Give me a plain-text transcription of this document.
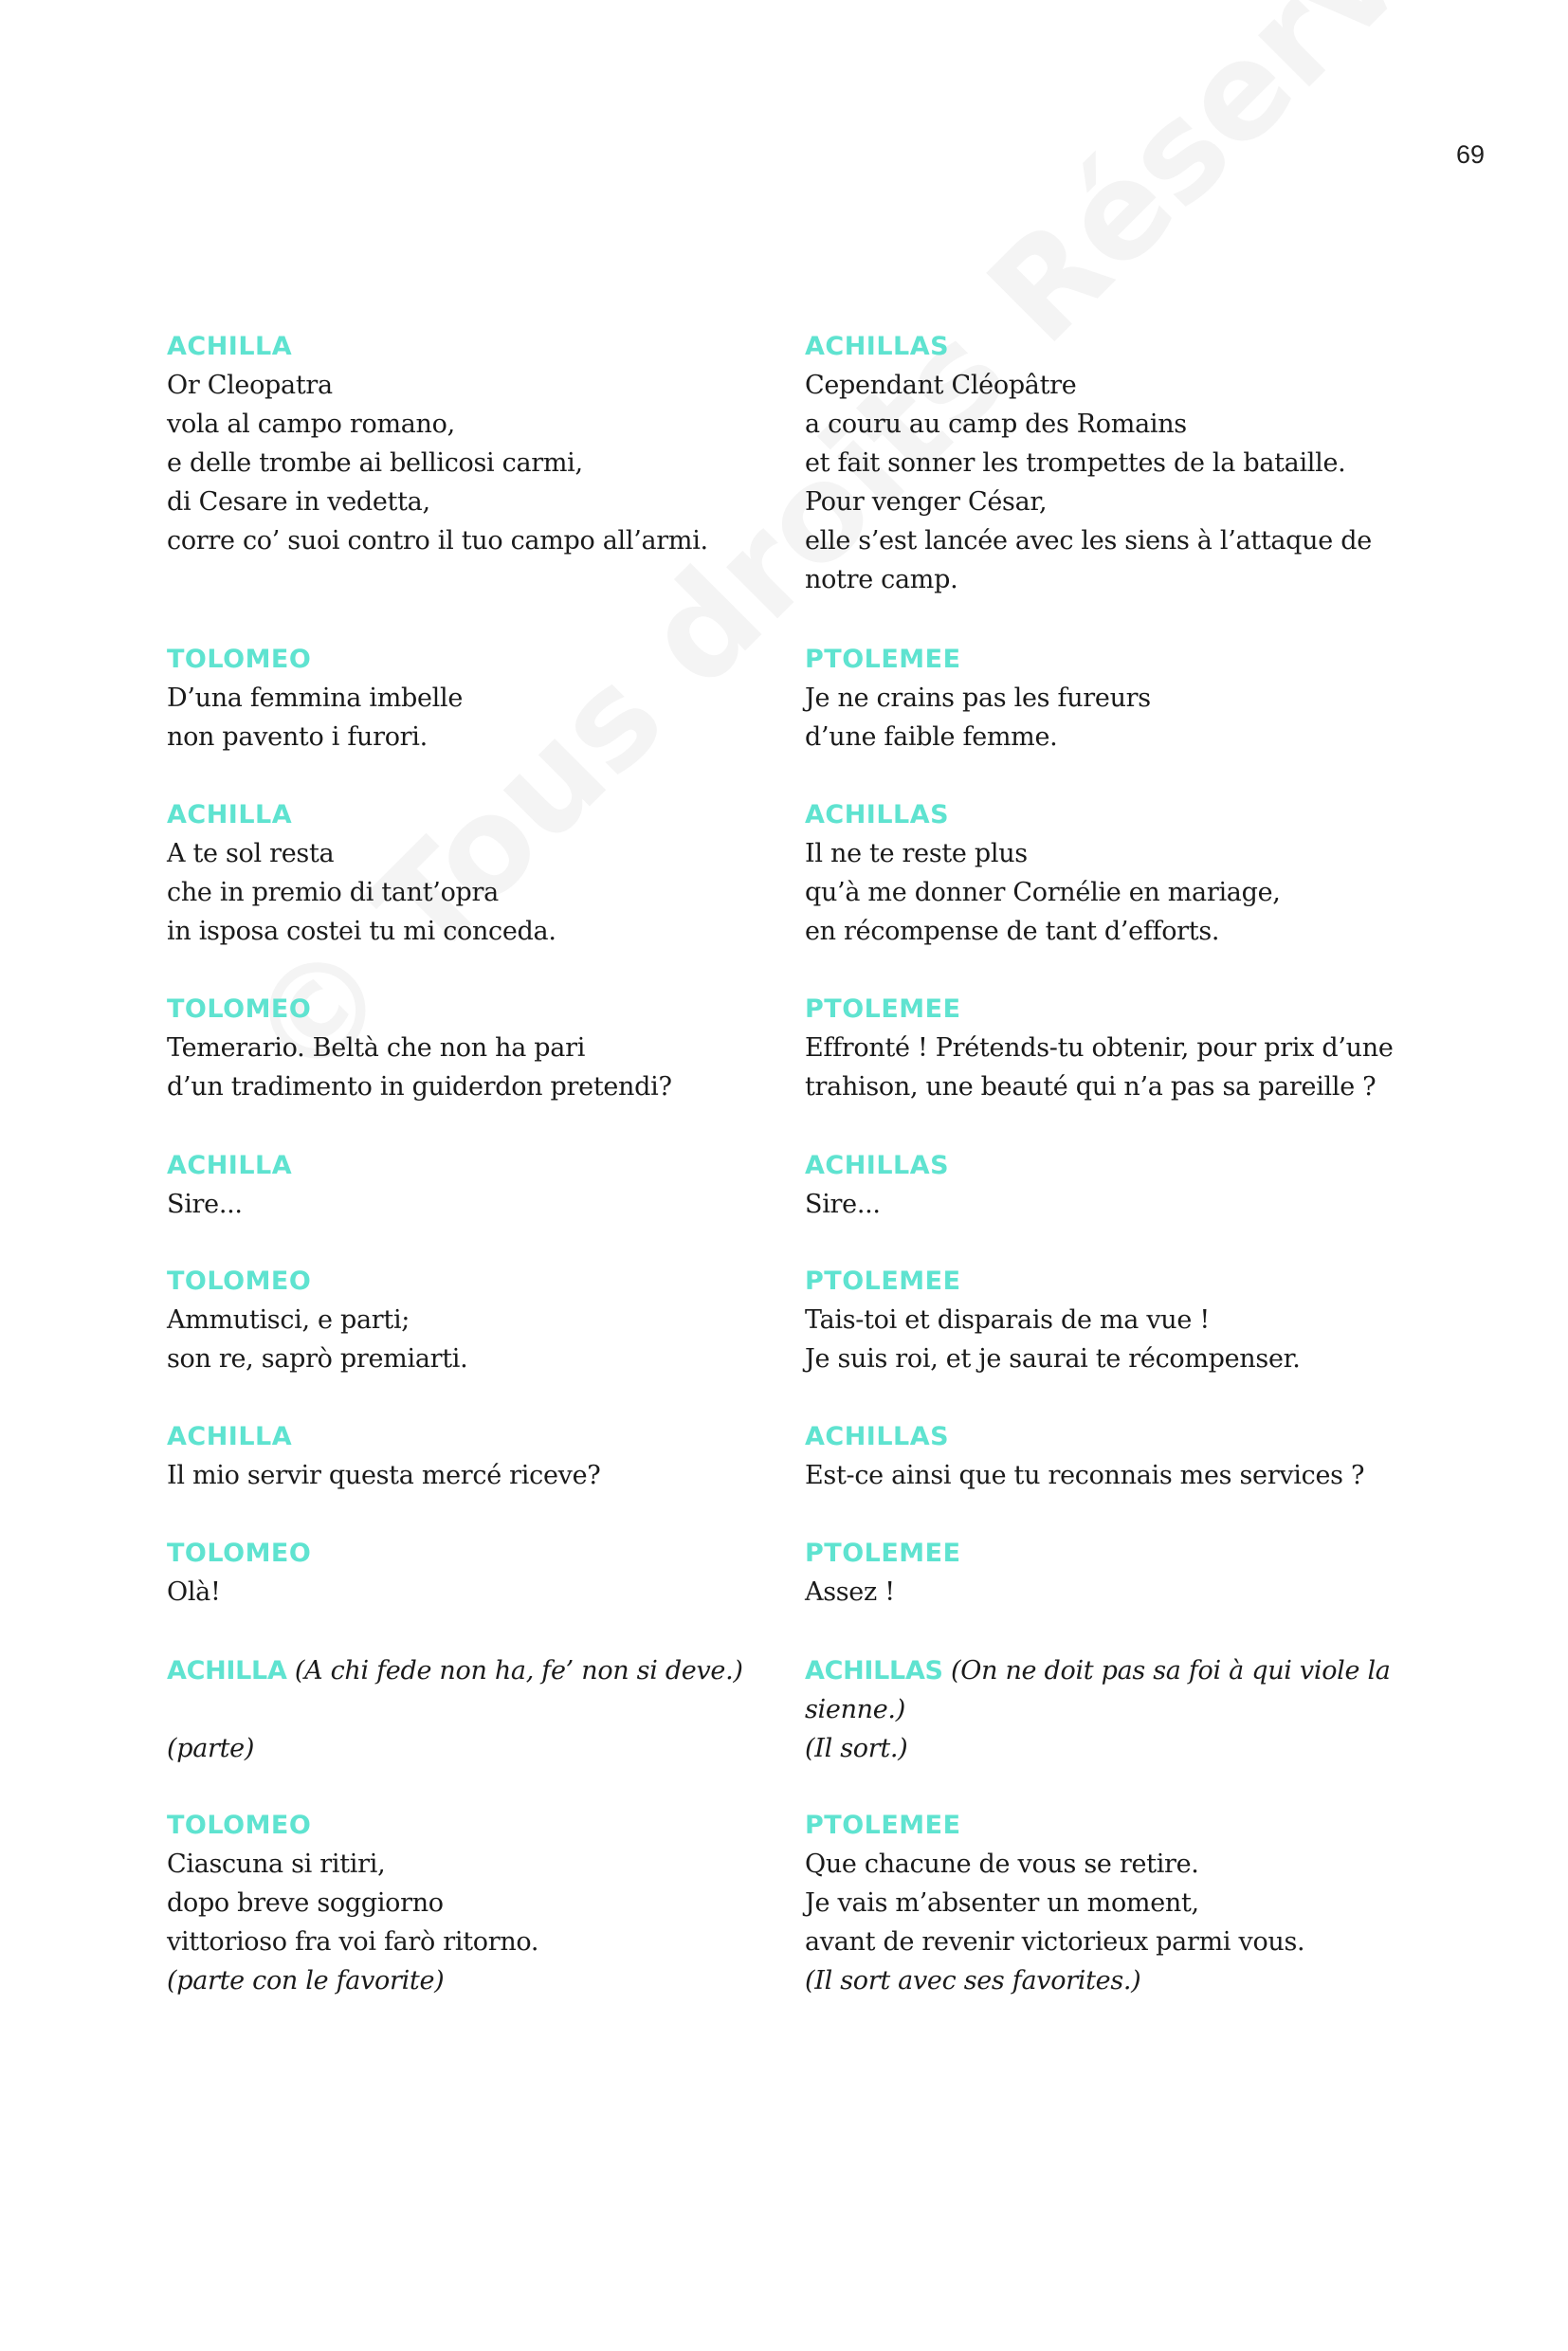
69
ACHILLA
Or Cleopatra
vola al campo romano,
e delle trombe ai bellicosi carmi,
di Cesare in vedetta,
corre co’ suoi contro il tuo campo all’armi.
TOLOMEO
D’una femmina imbelle
non pavento i furori.
ACHILLA
A te sol resta
che in premio di tant’opra
in isposa costei tu mi conceda.
TOLOMEO
Temerario. Beltà che non ha pari
d’un tradimento in guiderdon pretendi?
ACHILLA
Sire...
TOLOMEO
Ammutisci, e parti;
son re, saprò premiarti.
ACHILLA
Il mio servir questa mercé riceve?
TOLOMEO
Olà!
ACHILLA (A chi fede non ha, fe’ non si deve.)
(parte)
TOLOMEO
Ciascuna si ritiri,
dopo breve soggiorno
vittorioso fra voi farò ritorno.
(parte con le favorite)
ACHILLAS
Cependant Cléopâtre
a couru au camp des Romains
et fait sonner les trompettes de la bataille.
Pour venger César,
elle s’est lancée avec les siens à l’attaque de
notre camp.
PTOLEMEE
Je ne crains pas les fureurs
d’une faible femme.
ACHILLAS
Il ne te reste plus
qu’à me donner Cornélie en mariage,
en récompense de tant d’efforts.
PTOLEMEE
Effronté ! Prétends-tu obtenir, pour prix d’une
trahison, une beauté qui n’a pas sa pareille ?
ACHILLAS
Sire...
PTOLEMEE
Tais-toi et disparais de ma vue !
Je suis roi, et je saurai te récompenser.
ACHILLAS
Est-ce ainsi que tu reconnais mes services ?
PTOLEMEE
Assez !
ACHILLAS (On ne doit pas sa foi à qui viole la sienne.)
(Il sort.)
PTOLEMEE
Que chacune de vous se retire.
Je vais m’absenter un moment,
avant de revenir victorieux parmi vous.
(Il sort avec ses favorites.)
